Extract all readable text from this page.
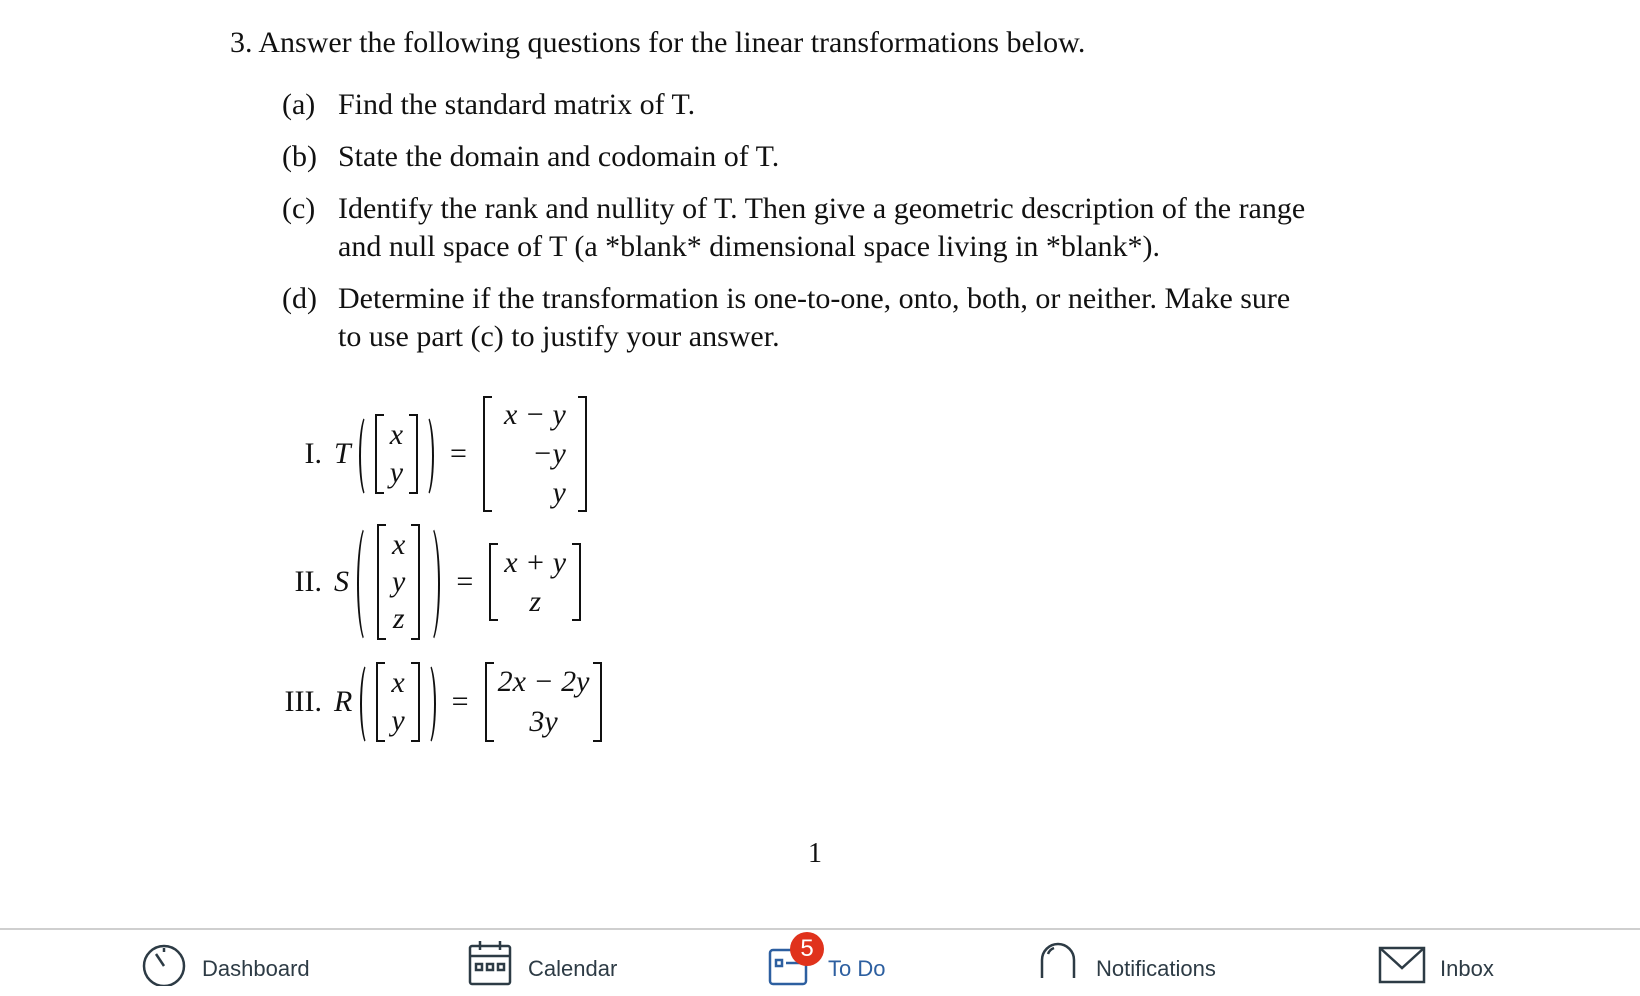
3. Answer the following questions for the linear transformations below.
(a) Find the standard matrix of T.
(b) State the domain and codomain of T.
(c) Identify the rank and nullity of T. Then give a geometric description of the range
and null space of T (a *blank* dimensional space living in *blank*).
(d) Determine if the transformation is one-to-one, onto, both, or neither. Make sure
to use part (c) to justify your answer.
I. T
x
y
=
x − y
−y
y
II. S
x
y
z
=
x + y
z
III. R
x
y
=
2x − 2y
3y
1
Dashboard	Calendar
5
To Do	Notifications	Inbox
